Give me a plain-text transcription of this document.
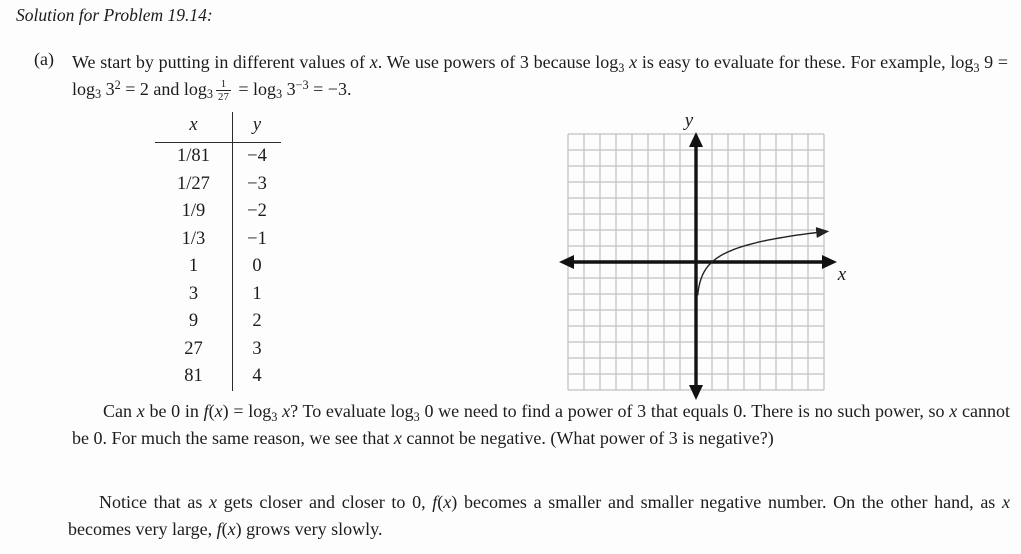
Solution for Problem 19.14:
(a) We start by putting in different values of x. We use powers of 3 because $\log_3 x$ is easy to evaluate for these. For example, $\log_3 9 = \log_3 3^2 = 2$ and $\log_3 \frac{1}{27} = \log_3 3^{-3} = -3$.

x	y
1/81	−4
1/27	−3
1/9	−2
1/3	−1
1	0
3	1
9	2
27	3
81	4
x
y

Can x be 0 in $f(x) = \log_3 x$? To evaluate $\log_3 0$ we need to find a power of 3 that equals 0. There is no such power, so x cannot be 0. For much the same reason, we see that x cannot be negative. (What power of 3 is negative?)

Notice that as x gets closer and closer to 0, f(x) becomes a smaller and smaller negative number. On the other hand, as x becomes very large, f(x) grows very slowly.
